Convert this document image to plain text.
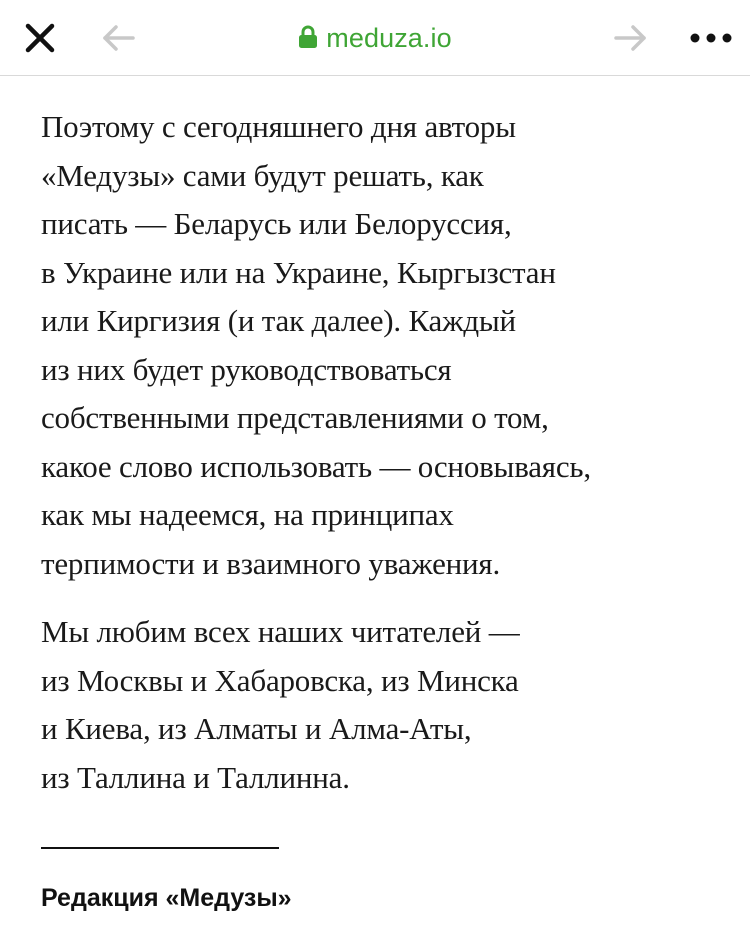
meduza.io

Поэтому с сегодняшнего дня авторы
«Медузы» сами будут решать, как
писать — Беларусь или Белоруссия,
в Украине или на Украине, Кыргызстан
или Киргизия (и так далее). Каждый
из них будет руководствоваться
собственными представлениями о том,
какое слово использовать — основываясь,
как мы надеемся, на принципах
терпимости и взаимного уважения.

Мы любим всех наших читателей —
из Москвы и Хабаровска, из Минска
и Киева, из Алматы и Алма-Аты,
из Таллина и Таллинна.

Редакция «Медузы»
